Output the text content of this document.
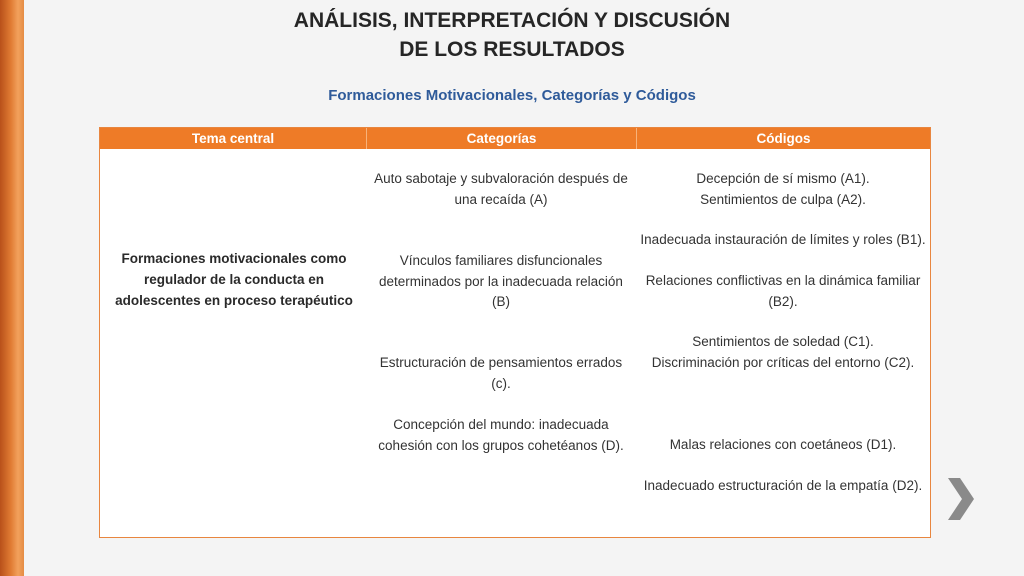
ANÁLISIS, INTERPRETACIÓN Y DISCUSIÓN
DE LOS RESULTADOS
Formaciones Motivacionales, Categorías y Códigos
Tema central	Categorías	Códigos
Formaciones motivacionales como regulador de la conducta en adolescentes en proceso terapéutico
Auto sabotaje y subvaloración después de una recaída (A)
Vínculos familiares disfuncionales determinados por la inadecuada relación (B)
Estructuración de pensamientos errados (c).
Concepción del mundo: inadecuada cohesión con los grupos cohetéanos (D).
Decepción de sí mismo (A1).
Sentimientos de culpa (A2).
Inadecuada instauración de límites y roles (B1).
Relaciones conflictivas en la dinámica familiar (B2).
Sentimientos de soledad (C1).
Discriminación por críticas del entorno (C2).
Malas relaciones con coetáneos (D1).
Inadecuado estructuración de la empatía (D2).
